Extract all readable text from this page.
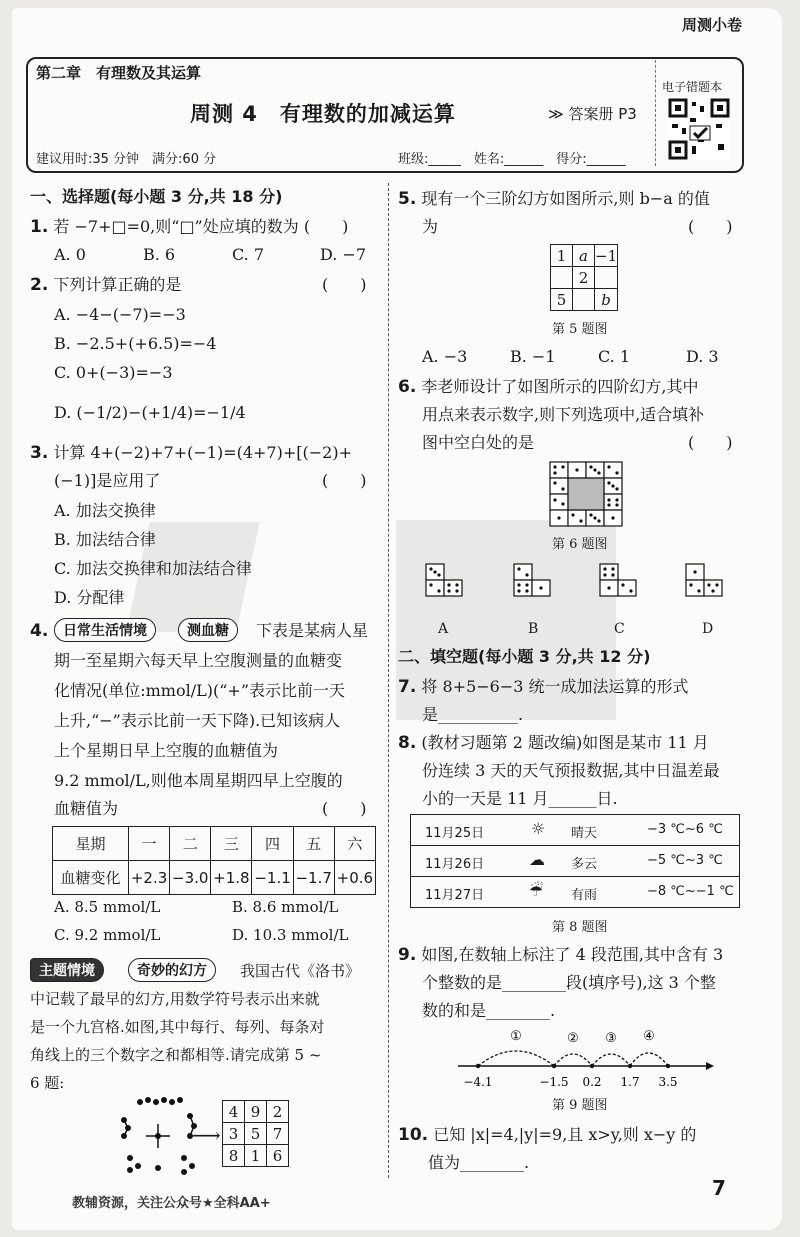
周测小卷
第二章　有理数及其运算
周测 4　有理数的加减运算	≫ 答案册 P3
电子错题本
建议用时:35 分钟　满分:60 分	班级:_____　姓名:______　得分:______
一、选择题(每小题 3 分,共 18 分)
1. 若 −7+□=0,则“□”处应填的数为 (　　)
A. 0	B. 6	C. 7	D. −7
2. 下列计算正确的是	(　　)
A. −4−(−7)=−3
B. −2.5+(+6.5)=−4
C. 0+(−3)=−3
D. (−1/2)−(+1/4)=−1/4
3. 计算 4+(−2)+7+(−1)=(4+7)+[(−2)+
(−1)]是应用了	(　　)
A. 加法交换律
B. 加法结合律
C. 加法交换律和加法结合律
D. 分配律
4.	日常生活情境	测血糖	下表是某病人星
期一至星期六每天早上空腹测量的血糖变
化情况(单位:mmol/L)(“+”表示比前一天
上升,“−”表示比前一天下降).已知该病人
上个星期日早上空腹的血糖值为
9.2 mmol/L,则他本周星期四早上空腹的
血糖值为	(　　)
星期	一	二	三	四	五	六
血糖变化	+2.3	−3.0	+1.8	−1.1	−1.7	+0.6
A. 8.5 mmol/L	B. 8.6 mmol/L
C. 9.2 mmol/L	D. 10.3 mmol/L
主题情境	奇妙的幻方	我国古代《洛书》
中记载了最早的幻方,用数学符号表示出来就
是一个九宫格.如图,其中每行、每列、每条对
角线上的三个数字之和都相等.请完成第 5 ~
6 题:
⟶
4	9	2
3	5	7
8	1	6
5. 现有一个三阶幻方如图所示,则 b−a 的值
为	(　　)
1	a	−1
	2	
5		b
第 5 题图
A. −3	B. −1	C. 1	D. 3
6. 李老师设计了如图所示的四阶幻方,其中
用点来表示数字,则下列选项中,适合填补
图中空白处的是	(　　)
第 6 题图
A	B	C	D
二、填空题(每小题 3 分,共 12 分)
7. 将 8+5−6−3 统一成加法运算的形式
是__________.
8. (教材习题第 2 题改编)如图是某市 11 月
份连续 3 天的天气预报数据,其中日温差最
小的一天是 11 月______日.
11月25日	☼ 晴天	−3 ℃~6 ℃
11月26日	☁ 多云	−5 ℃~3 ℃
11月27日	☔ 有雨	−8 ℃~−1 ℃
第 8 题图
9. 如图,在数轴上标注了 4 段范围,其中含有 3
个整数的是________段(填序号),这 3 个整
数的和是________.
①	② ③ ④
−4.1	−1.5 0.2 1.7 3.5
第 9 题图
10. 已知 |x|=4,|y|=9,且 x>y,则 x−y 的
值为________.
教辅资源，关注公众号★全科AA+
7
